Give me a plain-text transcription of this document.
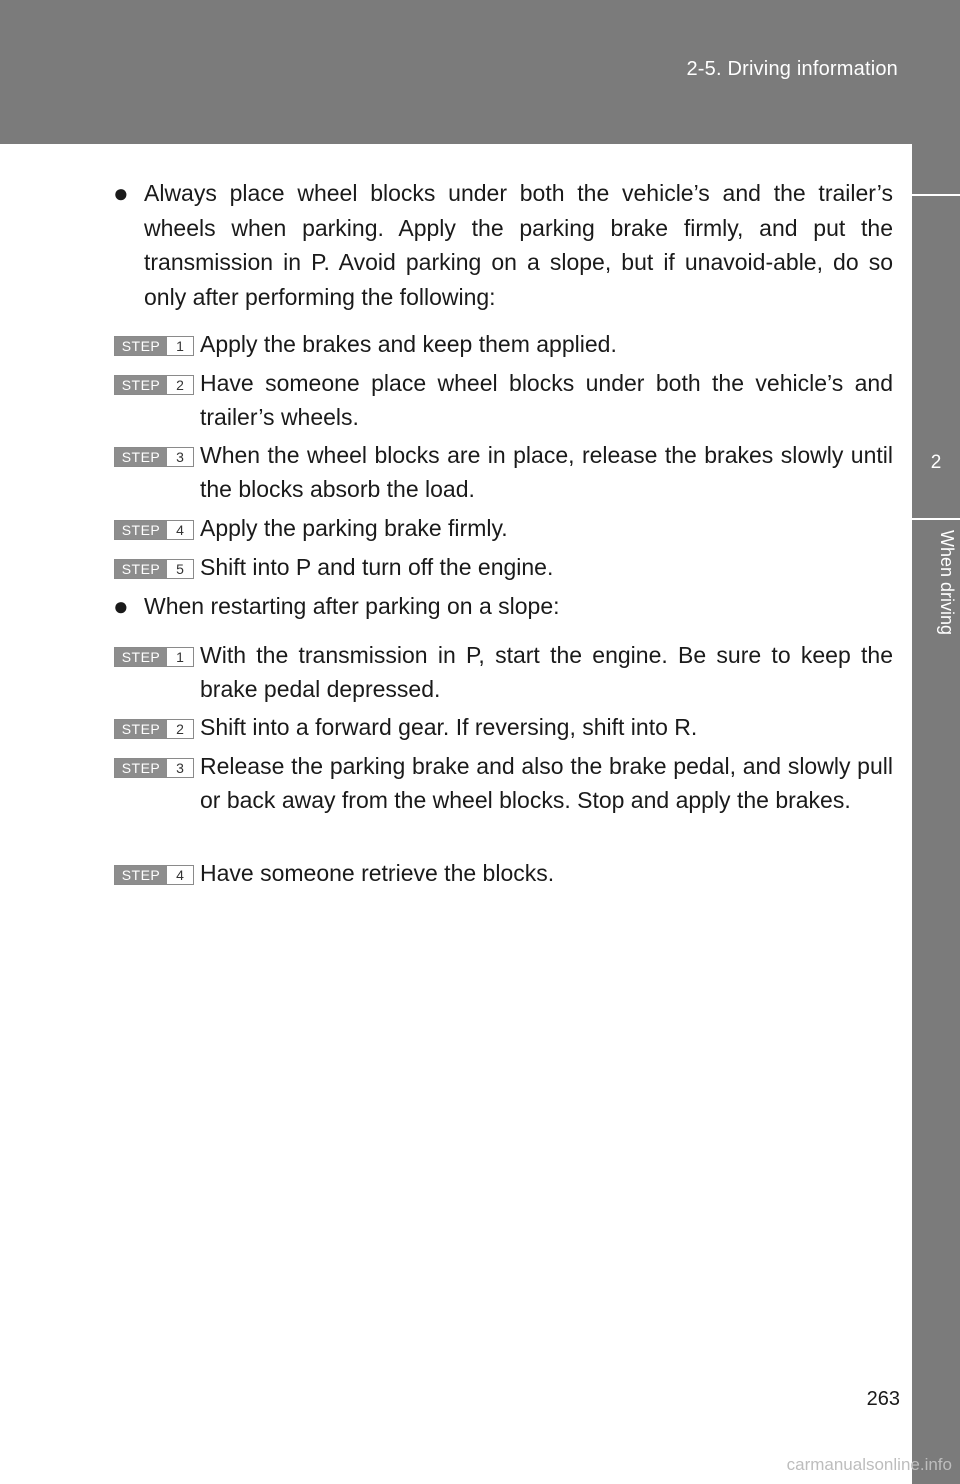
2-5. Driving information
2
When driving
● Always place wheel blocks under both the vehicle’s and the trailer’s wheels when parking. Apply the parking brake firmly, and put the transmission in P. Avoid parking on a slope, but if unavoid-able, do so only after performing the following:
STEP	1 Apply the brakes and keep them applied.
STEP	2 Have someone place wheel blocks under both the vehicle’s and trailer’s wheels.
STEP	3 When the wheel blocks are in place, release the brakes slowly until the blocks absorb the load.
STEP	4 Apply the parking brake firmly.
STEP	5 Shift into P and turn off the engine.
● When restarting after parking on a slope:
STEP	1 With the transmission in P, start the engine. Be sure to keep the brake pedal depressed.
STEP	2 Shift into a forward gear. If reversing, shift into R.
STEP	3 Release the parking brake and also the brake pedal, and slowly pull or back away from the wheel blocks. Stop and apply the brakes.
STEP	4 Have someone retrieve the blocks.
263
carmanualsonline.info
